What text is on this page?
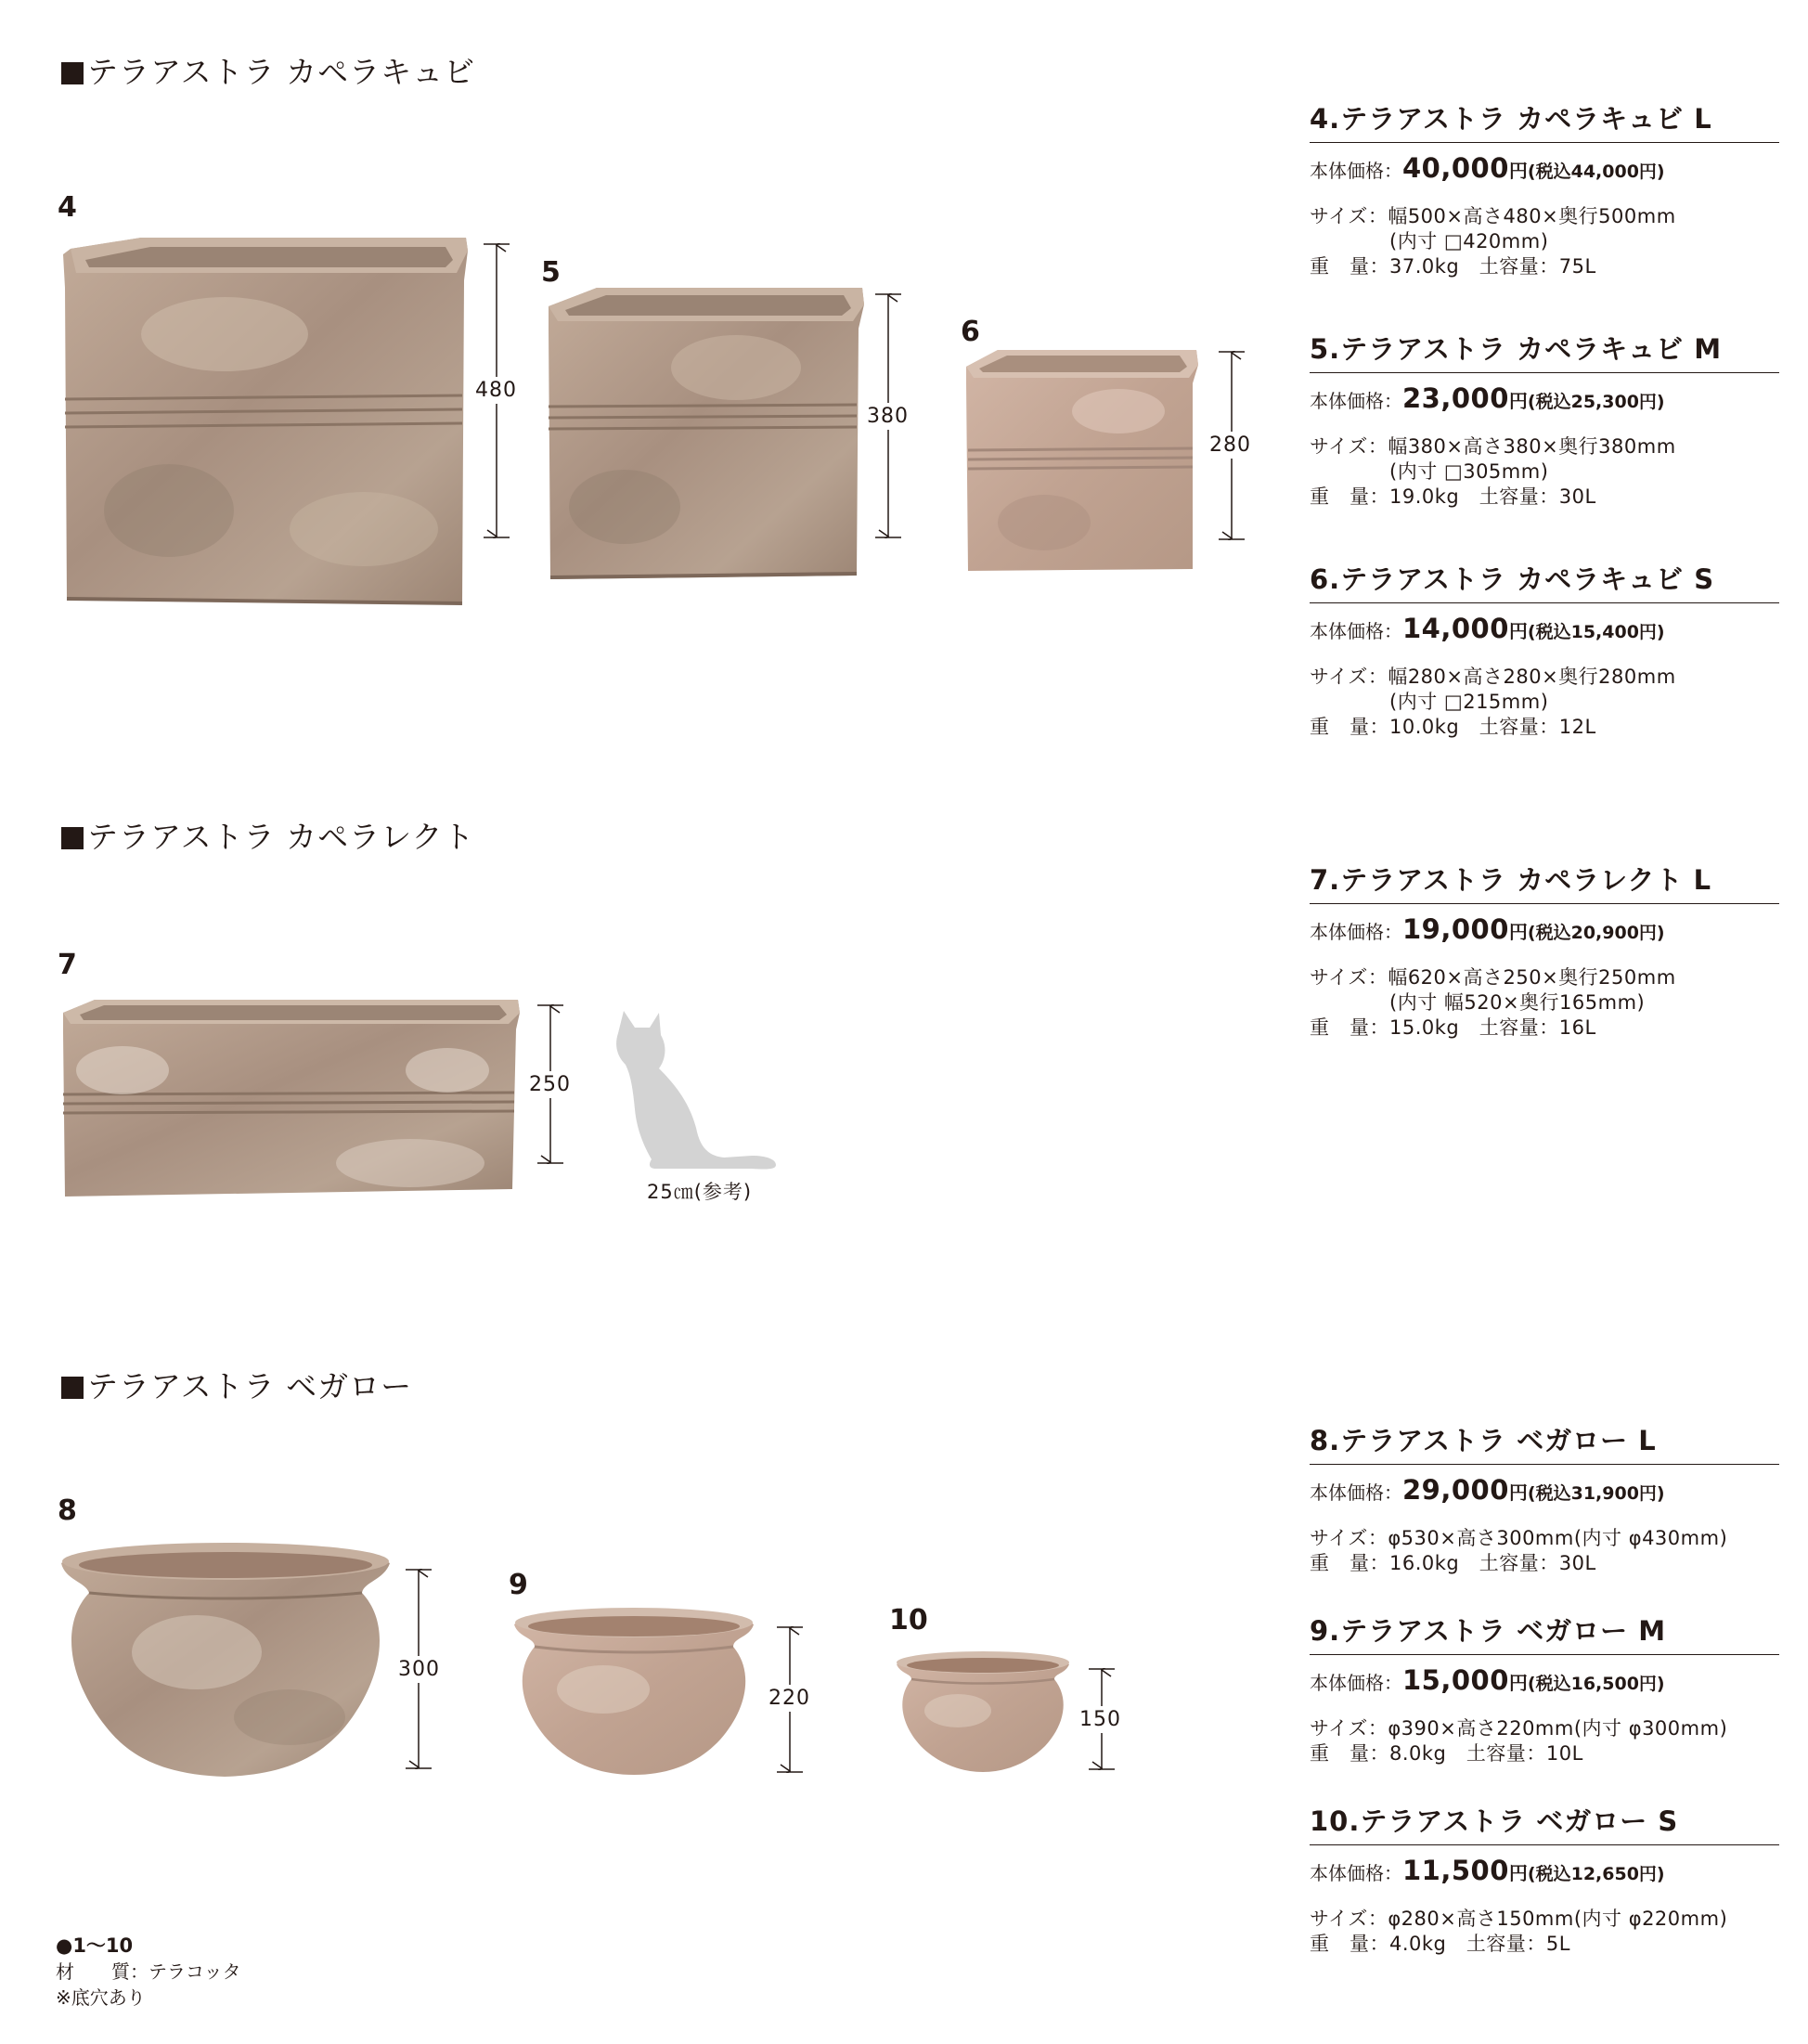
テラアストラ カペラキュビ
テラアストラ カペラレクト
テラアストラ ベガロー
4
5
6
7
8
9
10
480
380
280
250
25㎝(参考)
300
220
150
4.テラアストラ カペラキュビ L
本体価格：40,000円(税込44,000円)
サイズ：幅500×高さ480×奥行500mm
(内寸 □420mm)
重　量：37.0kg　土容量：75L
5.テラアストラ カペラキュビ M
本体価格：23,000円(税込25,300円)
サイズ：幅380×高さ380×奥行380mm
(内寸 □305mm)
重　量：19.0kg　土容量：30L
6.テラアストラ カペラキュビ S
本体価格：14,000円(税込15,400円)
サイズ：幅280×高さ280×奥行280mm
(内寸 □215mm)
重　量：10.0kg　土容量：12L
7.テラアストラ カペラレクト L
本体価格：19,000円(税込20,900円)
サイズ：幅620×高さ250×奥行250mm
(内寸 幅520×奥行165mm)
重　量：15.0kg　土容量：16L
8.テラアストラ ベガロー L
本体価格：29,000円(税込31,900円)
サイズ：φ530×高さ300mm(内寸 φ430mm)
重　量：16.0kg　土容量：30L
9.テラアストラ ベガロー M
本体価格：15,000円(税込16,500円)
サイズ：φ390×高さ220mm(内寸 φ300mm)
重　量：8.0kg　土容量：10L
10.テラアストラ ベガロー S
本体価格：11,500円(税込12,650円)
サイズ：φ280×高さ150mm(内寸 φ220mm)
重　量：4.0kg　土容量：5L
●1〜10
材　　質：テラコッタ
※底穴あり
